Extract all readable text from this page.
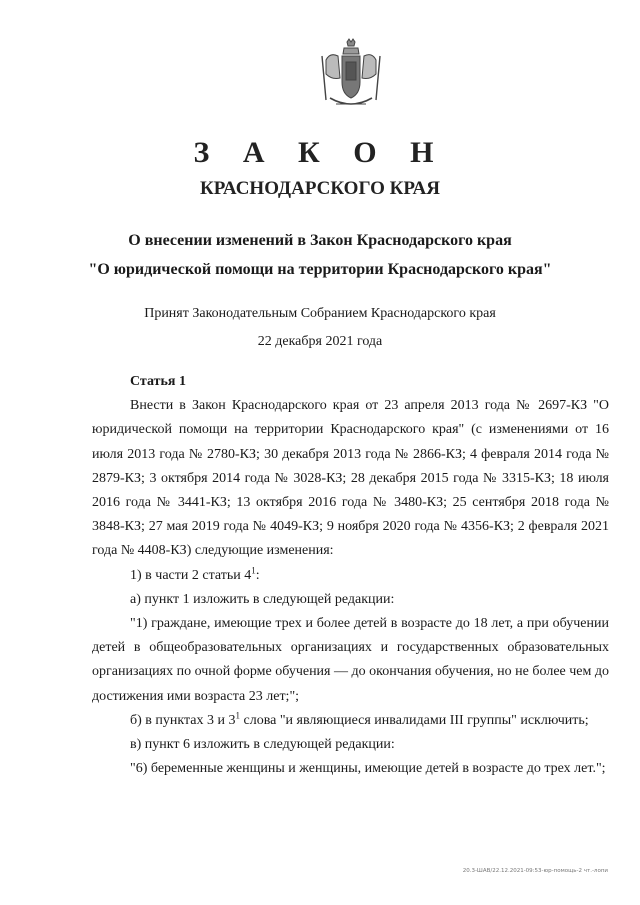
З А К О Н
КРАСНОДАРСКОГО КРАЯ
О внесении изменений в Закон Краснодарского края
"О юридической помощи на территории Краснодарского края"
Принят Законодательным Собранием Краснодарского края
22 декабря 2021 года

Статья 1

Внести в Закон Краснодарского края от 23 апреля 2013 года № 2697-КЗ "О юридической помощи на территории Краснодарского края" (с изменениями от 16 июля 2013 года № 2780-КЗ; 30 декабря 2013 года № 2866-КЗ; 4 февраля 2014 года № 2879-КЗ; 3 октября 2014 года № 3028-КЗ; 28 декабря 2015 года № 3315-КЗ; 18 июля 2016 года № 3441-КЗ; 13 октября 2016 года № 3480-КЗ; 25 сентября 2018 года № 3848-КЗ; 27 мая 2019 года № 4049-КЗ; 9 ноября 2020 года № 4356-КЗ; 2 февраля 2021 года № 4408-КЗ) следующие изменения:

1) в части 2 статьи $4^1$:

а) пункт 1 изложить в следующей редакции:

"1) граждане, имеющие трех и более детей в возрасте до 18 лет, а при обучении детей в общеобразовательных организациях и государственных образовательных организациях по очной форме обучения — до окончания обучения, но не более чем до достижения ими возраста 23 лет;";

б) в пунктах 3 и $3^1$ слова "и являющиеся инвалидами III группы" исключить;

в) пункт 6 изложить в следующей редакции:

"6) беременные женщины и женщины, имеющие детей в возрасте до трех лет.";

20.3-ШАВ/22.12.2021-09:53-юр-помощь-2 чт.-лопи
